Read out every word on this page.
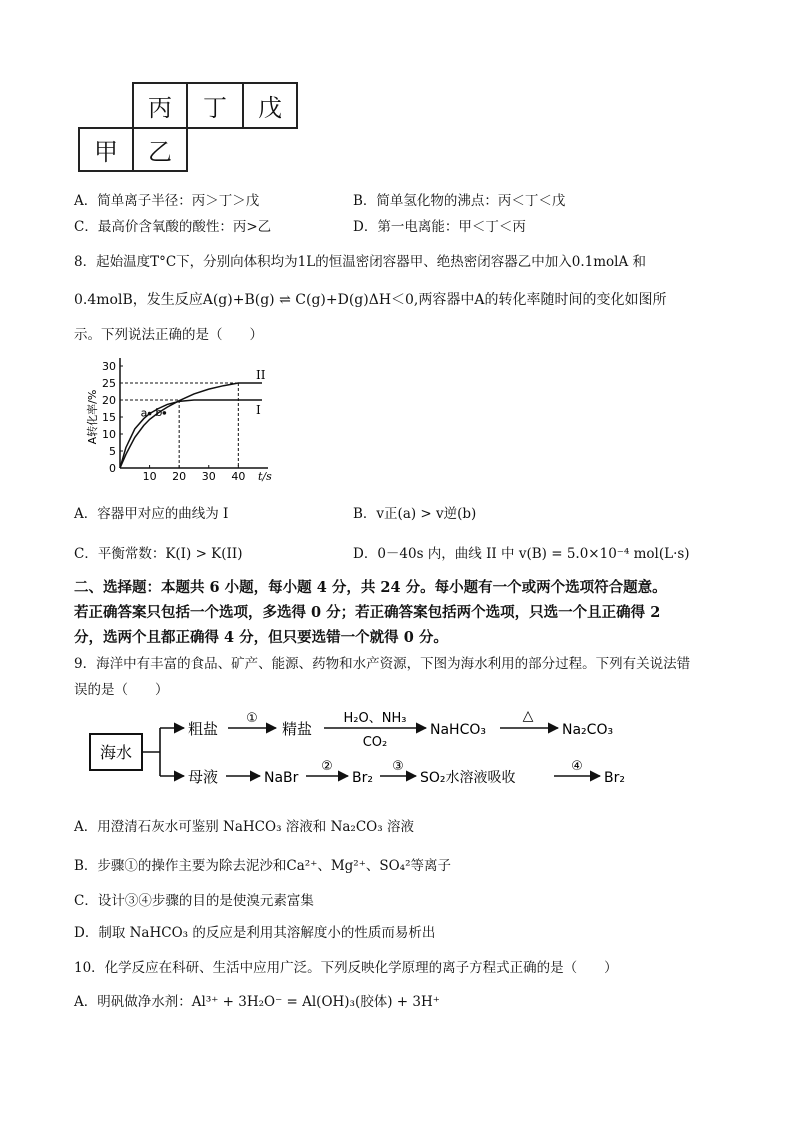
丙	丁	戊
甲	乙
A．简单离子半径：丙＞丁＞戊	B．简单氢化物的沸点：丙＜丁＜戊
C．最高价含氧酸的酸性：丙>乙	D．第一电离能：甲＜丁＜丙
8．起始温度T°C下，分别向体积均为1L的恒温密闭容器甲、绝热密闭容器乙中加入0.1molA 和
0.4molB，发生反应A(g)+B(g) ⇌ C(g)+D(g)ΔH＜0,两容器中A的转化率随时间的变化如图所
示。下列说法正确的是（　　）
0
5
10
15
20
25
30
10 20 30 40 t/s
A转化率/%	I
II
a b
A．容器甲对应的曲线为 I	B．v正(a) > v逆(b)
C．平衡常数：K(I) > K(II)	D．0－40s 内，曲线 II 中 v(B) = 5.0×10⁻⁴ mol(L·s)
二、选择题：本题共 6 小题，每小题 4 分，共 24 分。每小题有一个或两个选项符合题意。
若正确答案只包括一个选项，多选得 0 分；若正确答案包括两个选项，只选一个且正确得 2
分，选两个且都正确得 4 分，但只要选错一个就得 0 分。
9．海洋中有丰富的食品、矿产、能源、药物和水产资源，下图为海水利用的部分过程。下列有关说法错
误的是（　　）
海水
粗盐
①
精盐
H₂O、NH₃
CO₂
NaHCO₃
△
Na₂CO₃
母液	NaBr
②
Br₂
③
SO₂水溶液吸收
④
Br₂
A．用澄清石灰水可鉴别 NaHCO₃ 溶液和 Na₂CO₃ 溶液
B．步骤①的操作主要为除去泥沙和Ca²⁺、Mg²⁺、SO₄²等离子
C．设计③④步骤的目的是使溴元素富集
D．制取 NaHCO₃ 的反应是利用其溶解度小的性质而易析出
10．化学反应在科研、生活中应用广泛。下列反映化学原理的离子方程式正确的是（　　）
A．明矾做净水剂：Al³⁺ + 3H₂O⁻ = Al(OH)₃(胶体) + 3H⁺
